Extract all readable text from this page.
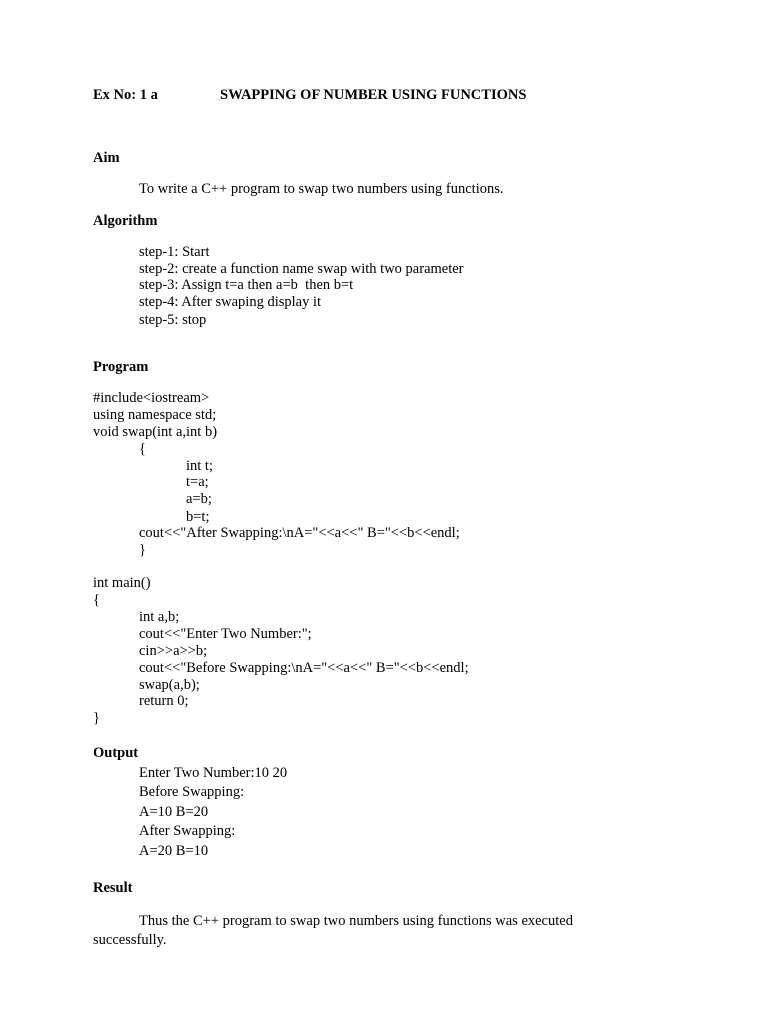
Ex No: 1 a	SWAPPING OF NUMBER USING FUNCTIONS
Aim
To write a C++ program to swap two numbers using functions.
Algorithm
step-1: Start
step-2: create a function name swap with two parameter
step-3: Assign t=a then a=b  then b=t
step-4: After swaping display it
step-5: stop
Program
#include<iostream>
using namespace std;
void swap(int a,int b)
{
int t;
t=a;
a=b;
b=t;
cout<<"After Swapping:\nA="<<a<<" B="<<b<<endl;
}
int main()
{
int a,b;
cout<<"Enter Two Number:";
cin>>a>>b;
cout<<"Before Swapping:\nA="<<a<<" B="<<b<<endl;
swap(a,b);
return 0;
}
Output
Enter Two Number:10 20
Before Swapping:
A=10 B=20
After Swapping:
A=20 B=10
Result
Thus the C++ program to swap two numbers using functions was executed
successfully.
